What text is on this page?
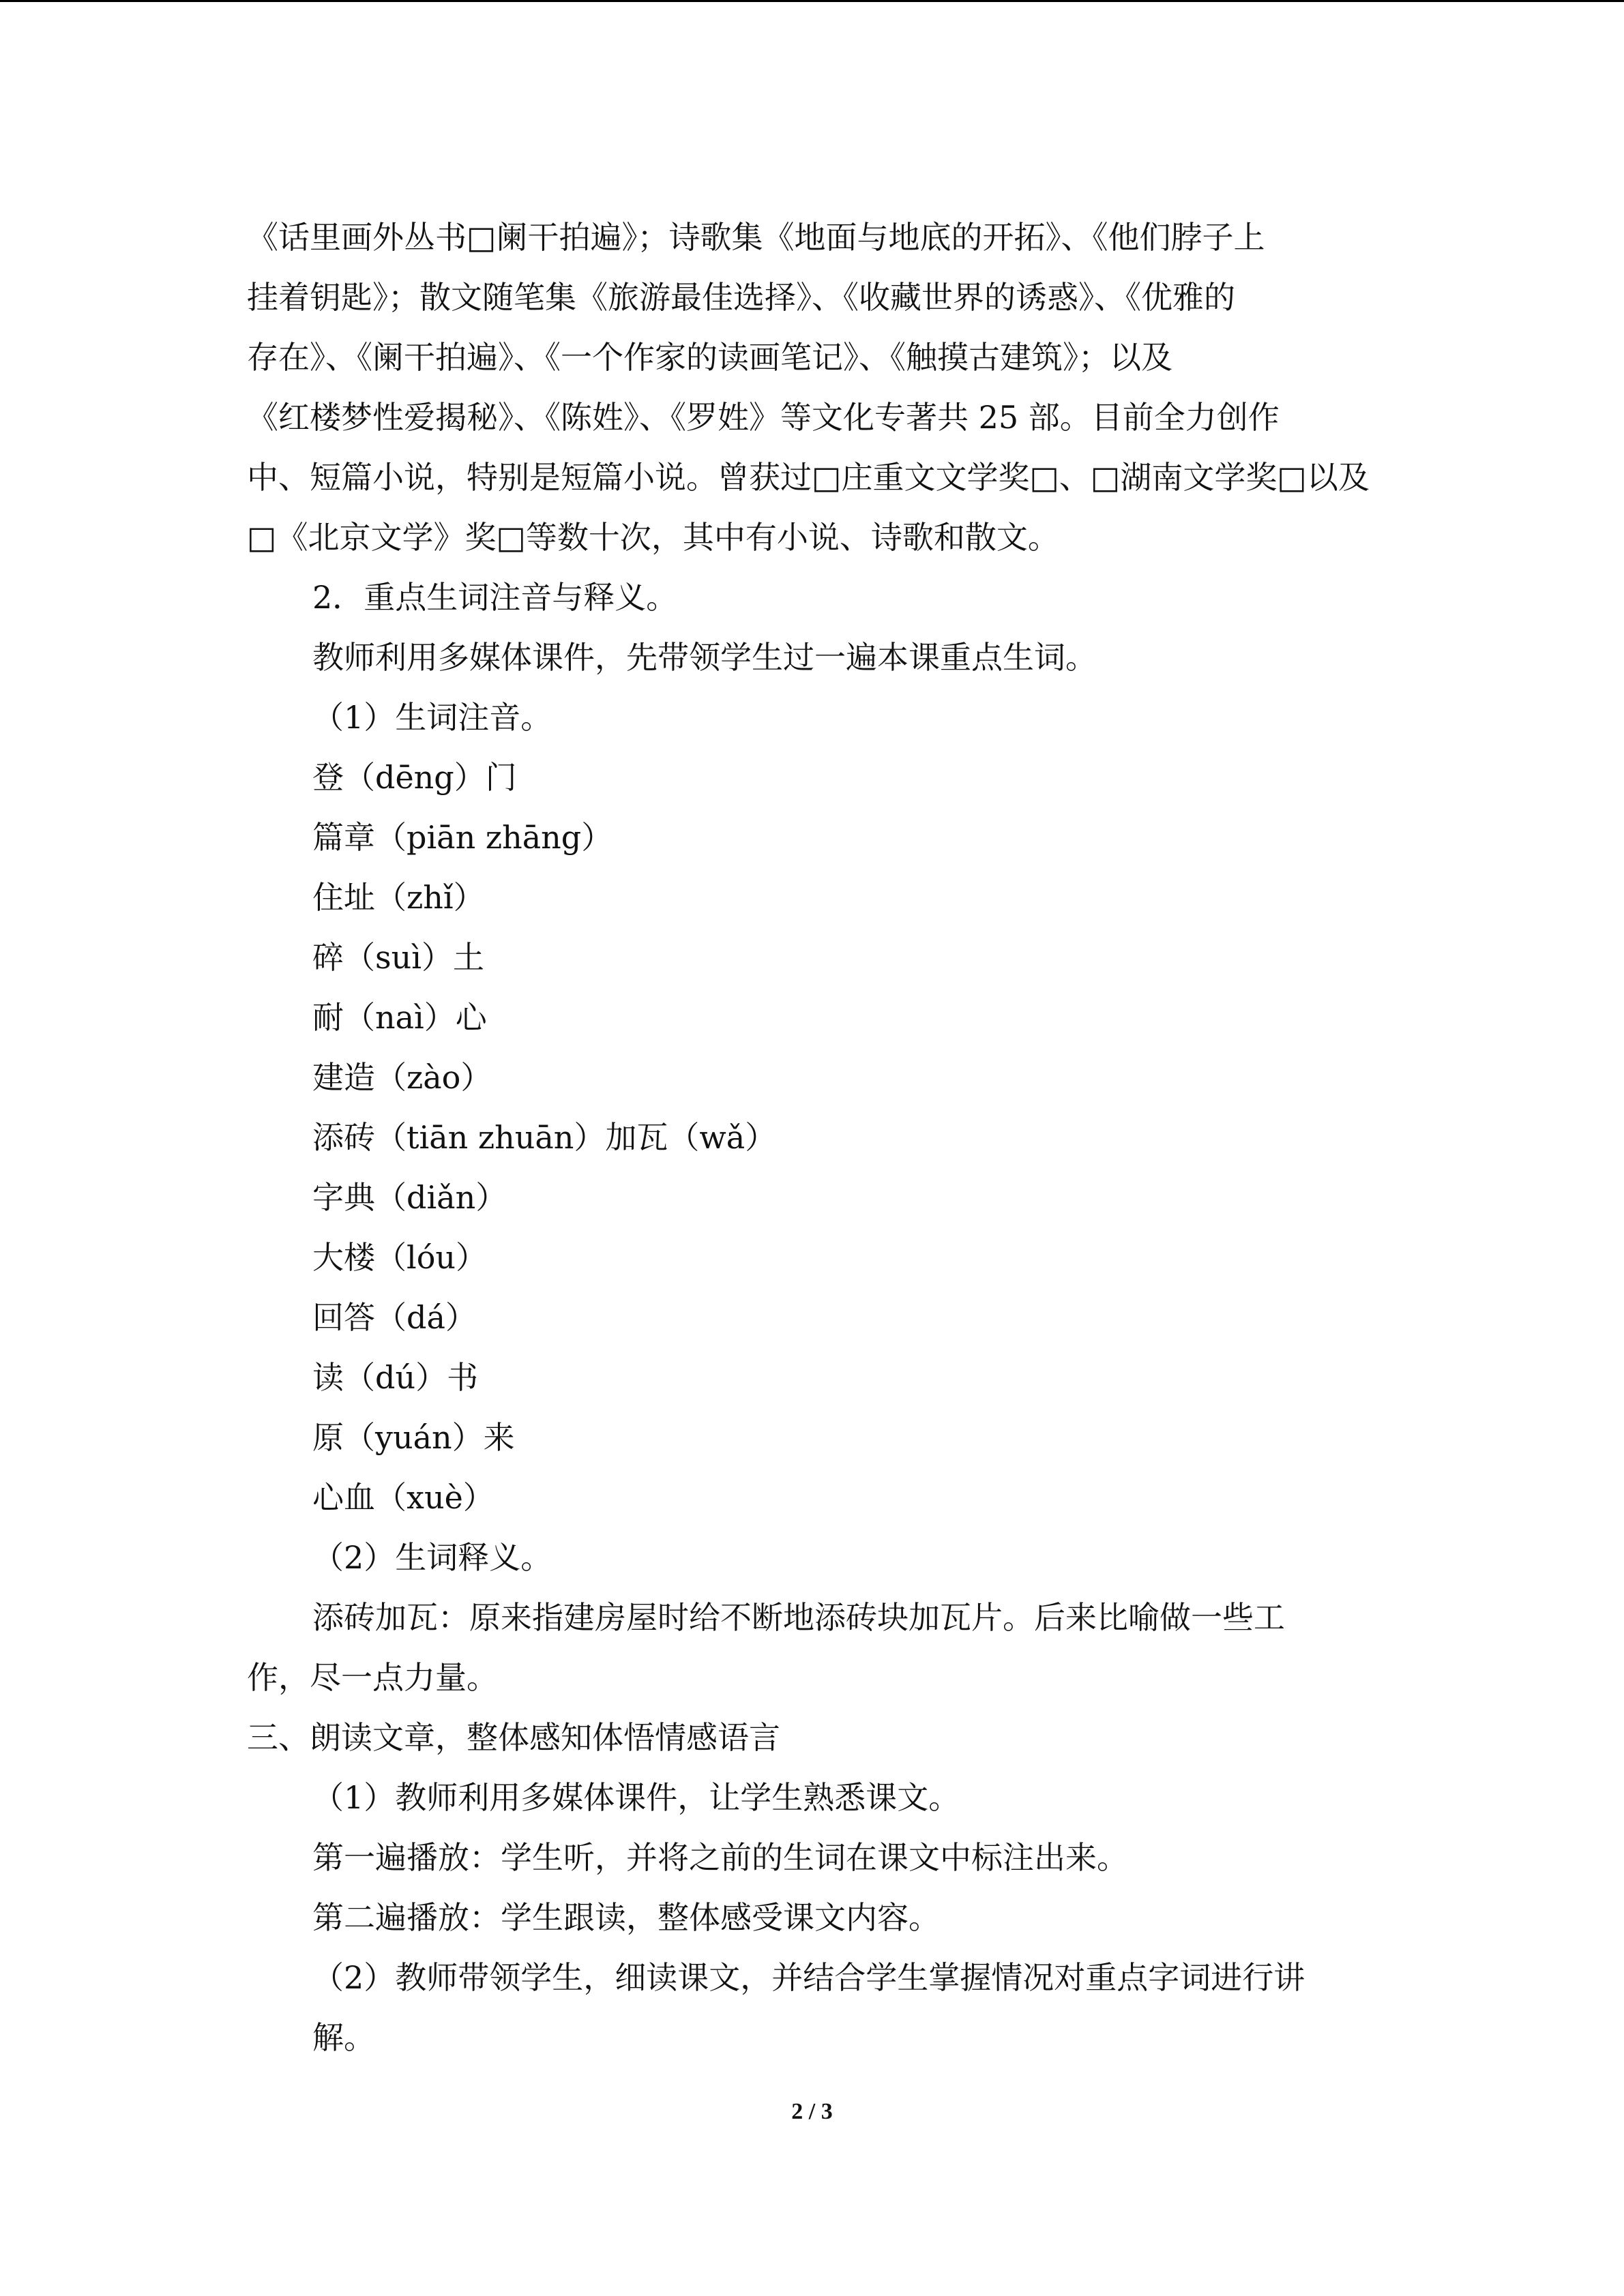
《话里画外丛书□阑干拍遍》；诗歌集《地面与地底的开拓》、《他们脖子上
挂着钥匙》；散文随笔集《旅游最佳选择》、《收藏世界的诱惑》、《优雅的
存在》、《阑干拍遍》、《一个作家的读画笔记》、《触摸古建筑》；以及
《红楼梦性爱揭秘》、《陈姓》、《罗姓》等文化专著共 25 部。目前全力创作
中、短篇小说，特别是短篇小说。曾获过□庄重文文学奖□、□湖南文学奖□以及
□《北京文学》奖□等数十次，其中有小说、诗歌和散文。
2．重点生词注音与释义。
教师利用多媒体课件，先带领学生过一遍本课重点生词。
（1）生词注音。
登（dēng）门
篇章（piān zhāng）
住址（zhǐ）
碎（suì）土
耐（naì）心
建造（zào）
添砖（tiān zhuān）加瓦（wǎ）
字典（diǎn）
大楼（lóu）
回答（dá）
读（dú）书
原（yuán）来
心血（xuè）
（2）生词释义。
添砖加瓦：原来指建房屋时给不断地添砖块加瓦片。后来比喻做一些工
作，尽一点力量。
三、朗读文章，整体感知体悟情感语言
（1）教师利用多媒体课件，让学生熟悉课文。
第一遍播放：学生听，并将之前的生词在课文中标注出来。
第二遍播放：学生跟读，整体感受课文内容。
（2）教师带领学生，细读课文，并结合学生掌握情况对重点字词进行讲
解。
2 / 3
